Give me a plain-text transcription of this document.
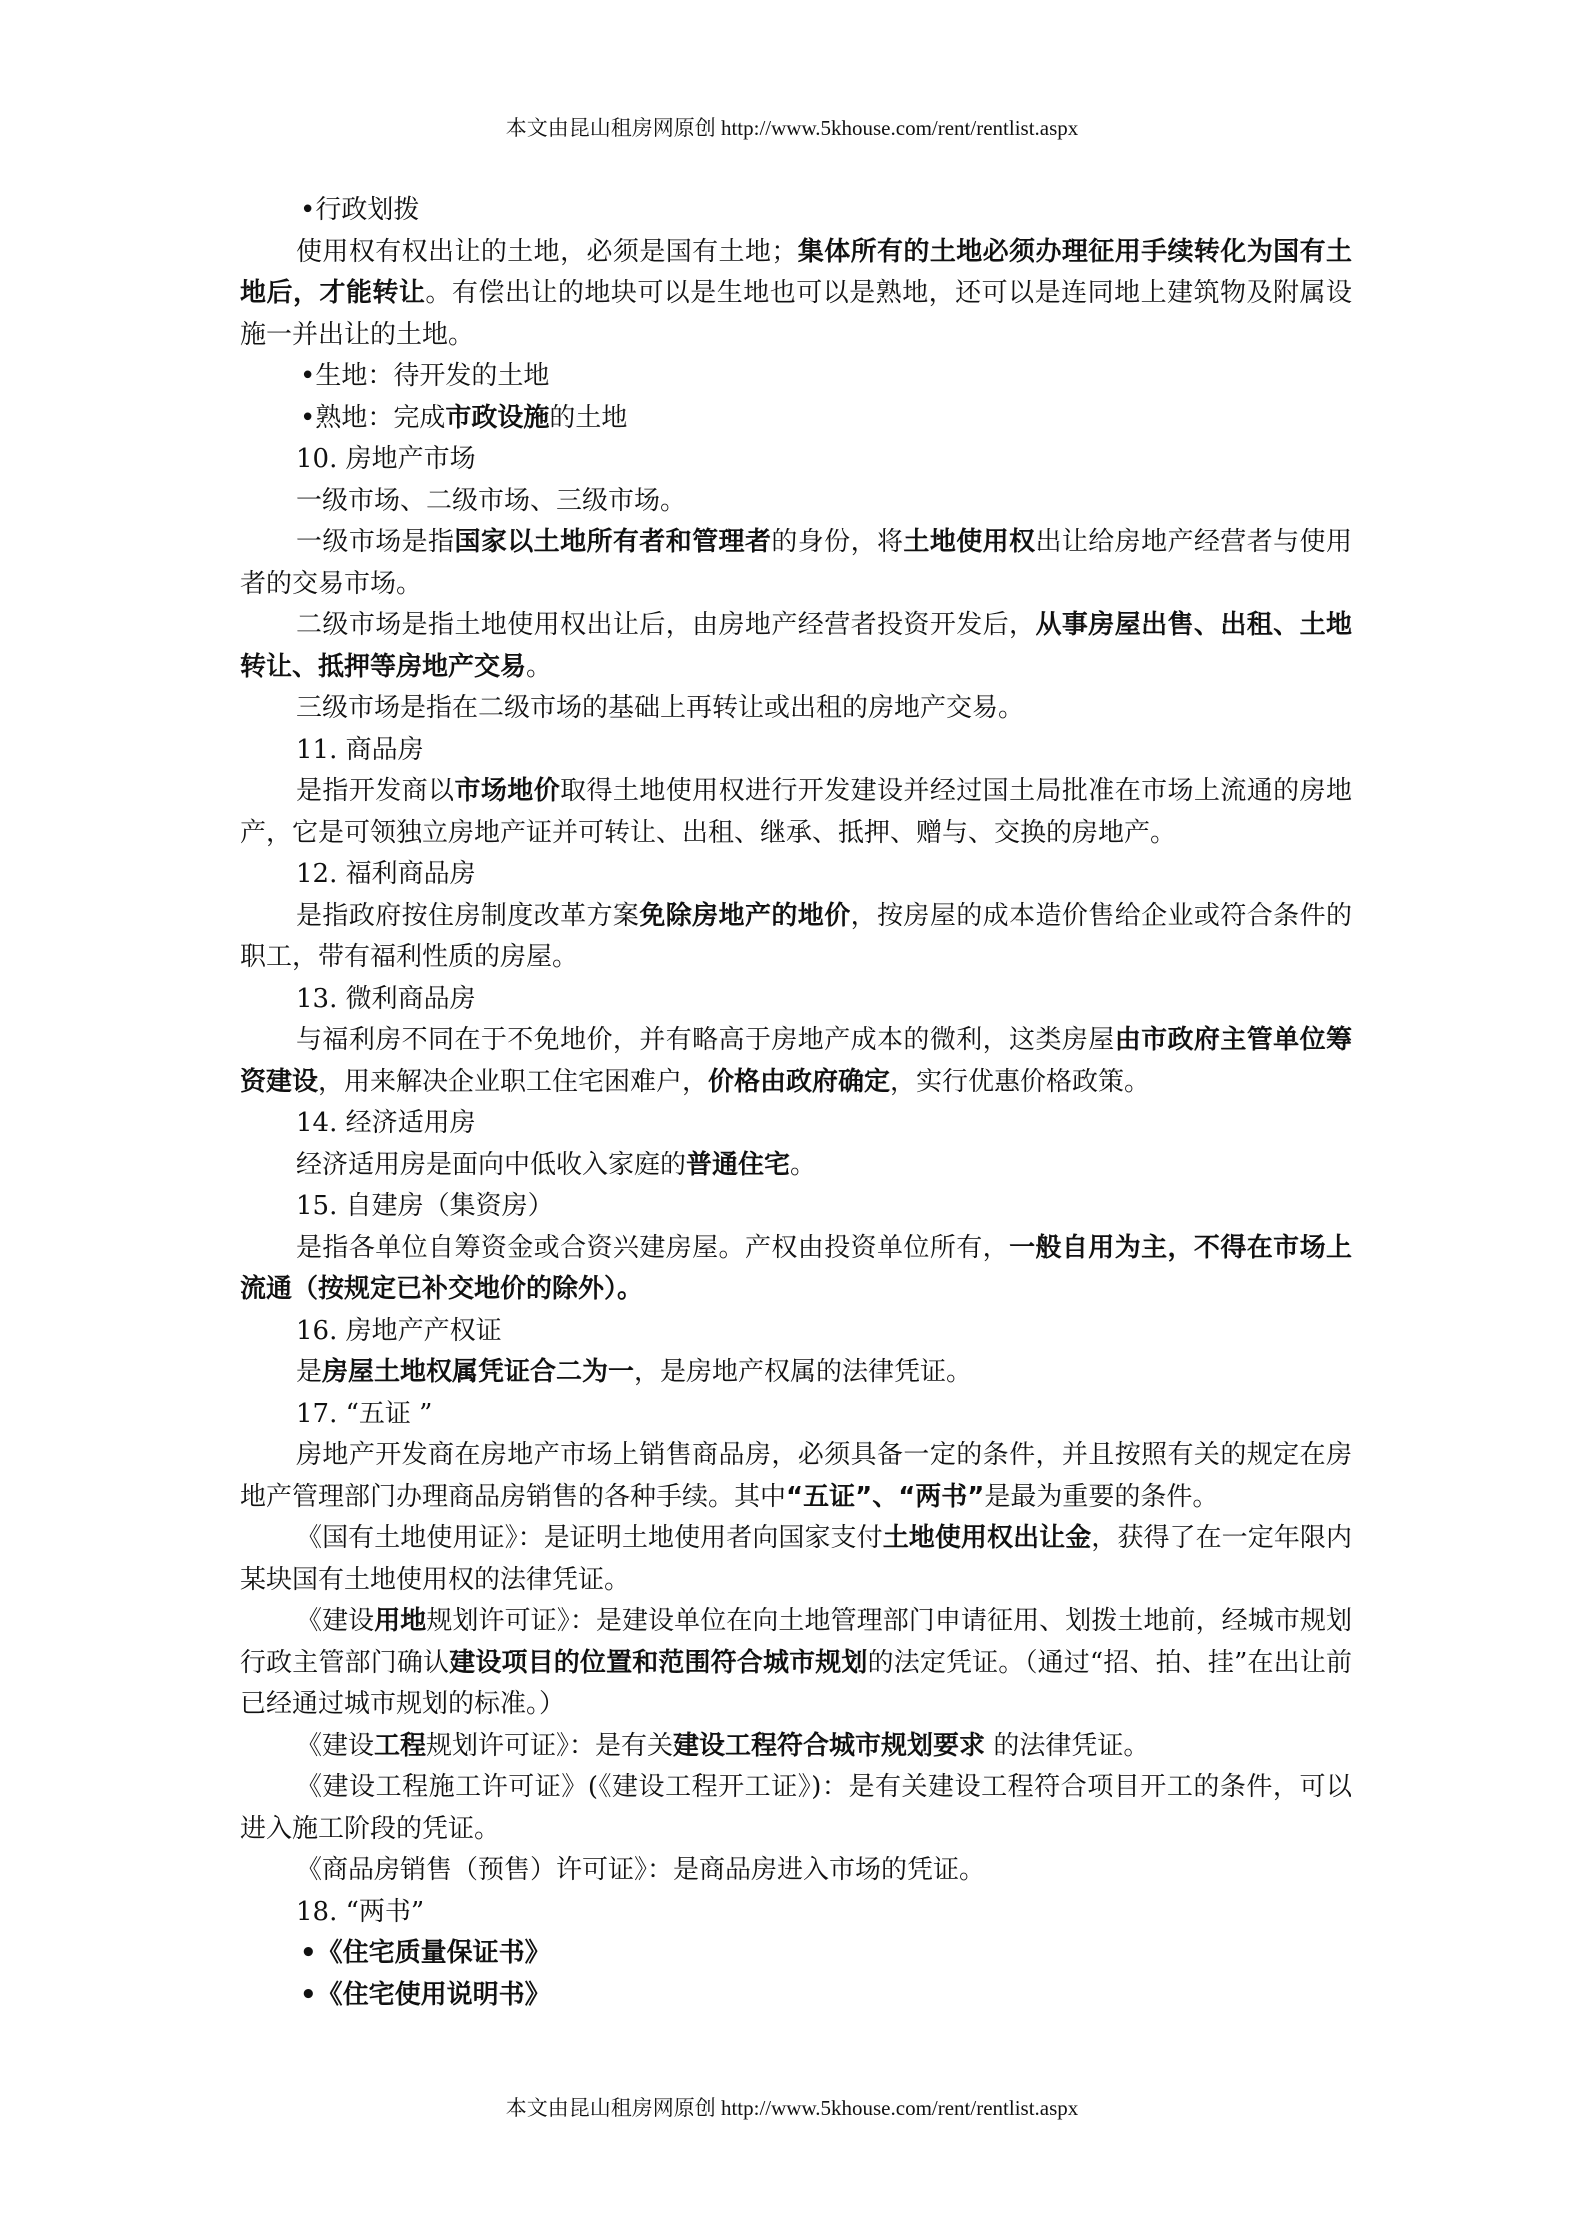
本文由昆山租房网原创 http://www.5khouse.com/rent/rentlist.aspx

•行政划拨

使用权有权出让的土地，必须是国有土地；集体所有的土地必须办理征用手续转化为国有土地后，才能转让。有偿出让的地块可以是生地也可以是熟地，还可以是连同地上建筑物及附属设施一并出让的土地。

•生地：待开发的土地

•熟地：完成市政设施的土地

10. 房地产市场

一级市场、二级市场、三级市场。

一级市场是指国家以土地所有者和管理者的身份，将土地使用权出让给房地产经营者与使用者的交易市场。

二级市场是指土地使用权出让后，由房地产经营者投资开发后，从事房屋出售、出租、土地转让、抵押等房地产交易。

三级市场是指在二级市场的基础上再转让或出租的房地产交易。

11. 商品房

是指开发商以市场地价取得土地使用权进行开发建设并经过国土局批准在市场上流通的房地产，它是可领独立房地产证并可转让、出租、继承、抵押、赠与、交换的房地产。

12. 福利商品房

是指政府按住房制度改革方案免除房地产的地价，按房屋的成本造价售给企业或符合条件的职工，带有福利性质的房屋。

13. 微利商品房

与福利房不同在于不免地价，并有略高于房地产成本的微利，这类房屋由市政府主管单位筹资建设，用来解决企业职工住宅困难户，价格由政府确定，实行优惠价格政策。

14. 经济适用房

经济适用房是面向中低收入家庭的普通住宅。

15. 自建房（集资房）

是指各单位自筹资金或合资兴建房屋。产权由投资单位所有，一般自用为主，不得在市场上流通（按规定已补交地价的除外）。

16. 房地产产权证

是房屋土地权属凭证合二为一，是房地产权属的法律凭证。

17. “五证 ”

房地产开发商在房地产市场上销售商品房，必须具备一定的条件，并且按照有关的规定在房地产管理部门办理商品房销售的各种手续。其中“五证”、“两书”是最为重要的条件。

《国有土地使用证》：是证明土地使用者向国家支付土地使用权出让金，获得了在一定年限内某块国有土地使用权的法律凭证。

《建设用地规划许可证》：是建设单位在向土地管理部门申请征用、划拨土地前，经城市规划行政主管部门确认建设项目的位置和范围符合城市规划的法定凭证。（通过“招、拍、挂”在出让前已经通过城市规划的标准。）

《建设工程规划许可证》：是有关建设工程符合城市规划要求 的法律凭证。

《建设工程施工许可证》(《建设工程开工证》)：是有关建设工程符合项目开工的条件，可以进入施工阶段的凭证。

《商品房销售（预售）许可证》：是商品房进入市场的凭证。

18. “两书”

•《住宅质量保证书》

•《住宅使用说明书》

本文由昆山租房网原创 http://www.5khouse.com/rent/rentlist.aspx
